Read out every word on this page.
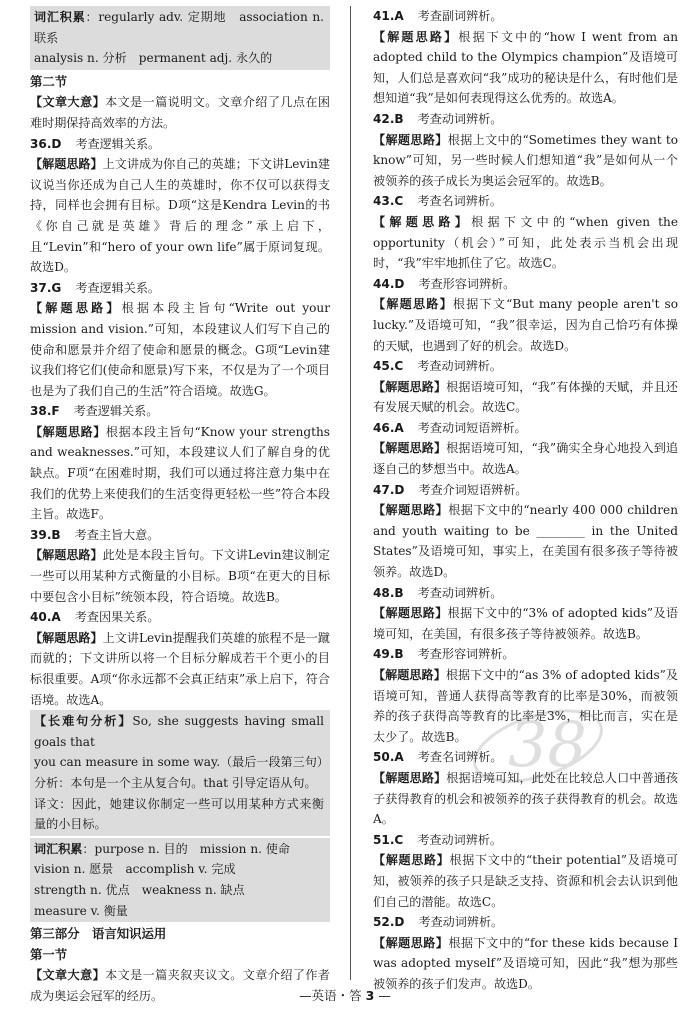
词汇积累：regularly adv. 定期地　association n. 联系

analysis n. 分析　permanent adj. 永久的

第二节

【文章大意】本文是一篇说明文。文章介绍了几点在困难时期保持高效率的方法。

36.D 考查逻辑关系。

【解题思路】上文讲成为你自己的英雄；下文讲Levin建议说当你还成为自己人生的英雄时，你不仅可以获得支持，同样也会拥有目标。D项“这是Kendra Levin的书《你自己就是英雄》背后的理念”承上启下，且“Levin”和“hero of your own life”属于原词复现。故选D。

37.G 考查逻辑关系。

【解题思路】根据本段主旨句“Write out your mission and vision.”可知，本段建议人们写下自己的使命和愿景并介绍了使命和愿景的概念。G项“Levin建议我们将它们(使命和愿景)写下来，不仅是为了一个项目也是为了我们自己的生活”符合语境。故选G。

38.F 考查逻辑关系。

【解题思路】根据本段主旨句“Know your strengths and weaknesses.”可知，本段建议人们了解自身的优缺点。F项“在困难时期，我们可以通过将注意力集中在我们的优势上来使我们的生活变得更轻松一些”符合本段主旨。故选F。

39.B 考查主旨大意。

【解题思路】此处是本段主旨句。下文讲Levin建议制定一些可以用某种方式衡量的小目标。B项“在更大的目标中要包含小目标”统领本段，符合语境。故选B。

40.A 考查因果关系。

【解题思路】上文讲Levin提醒我们英雄的旅程不是一蹴而就的；下文讲所以将一个目标分解成若干个更小的目标很重要。A项“你永远都不会真正结束”承上启下，符合语境。故选A。

【长难句分析】So, she suggests having small goals that

you can measure in some way.（最后一段第三句）

分析：本句是一个主从复合句。that 引导定语从句。

译文：因此，她建议你制定一些可以用某种方式来衡量的小目标。

词汇积累：purpose n. 目的　mission n. 使命

vision n. 愿景　accomplish v. 完成

strength n. 优点　weakness n. 缺点

measure v. 衡量

第三部分　语言知识运用

第一节

【文章大意】本文是一篇夹叙夹议文。文章介绍了作者成为奥运会冠军的经历。

41.A 考查副词辨析。

【解题思路】根据下文中的“how I went from an adopted child to the Olympics champion”及语境可知，人们总是喜欢问“我”成功的秘诀是什么，有时他们是想知道“我”是如何表现得这么优秀的。故选A。

42.B 考查动词辨析。

【解题思路】根据上文中的“Sometimes they want to know”可知，另一些时候人们想知道“我”是如何从一个被领养的孩子成长为奥运会冠军的。故选B。

43.C 考查名词辨析。

【解题思路】根据下文中的“when given the opportunity（机会）”可知，此处表示当机会出现时，“我”牢牢地抓住了它。故选C。

44.D 考查形容词辨析。

【解题思路】根据下文“But many people aren't so lucky.”及语境可知，“我”很幸运，因为自己恰巧有体操的天赋，也遇到了好的机会。故选D。

45.C 考查动词辨析。

【解题思路】根据语境可知，“我”有体操的天赋，并且还有发展天赋的机会。故选C。

46.A 考查动词短语辨析。

【解题思路】根据语境可知，“我”确实全身心地投入到追逐自己的梦想当中。故选A。

47.D 考查介词短语辨析。

【解题思路】根据下文中的“nearly 400 000 children and youth waiting to be ________ in the United States”及语境可知，事实上，在美国有很多孩子等待被领养。故选D。

48.B 考查动词辨析。

【解题思路】根据下文中的“3% of adopted kids”及语境可知，在美国，有很多孩子等待被领养。故选B。

49.B 考查形容词辨析。

【解题思路】根据下文中的“as 3% of adopted kids”及语境可知，普通人获得高等教育的比率是30%，而被领养的孩子获得高等教育的比率是3%，相比而言，实在是太少了。故选B。

50.A 考查名词辨析。

【解题思路】根据语境可知，此处在比较总人口中普通孩子获得教育的机会和被领养的孩子获得教育的机会。故选A。

51.C 考查动词辨析。

【解题思路】根据下文中的“their potential”及语境可知，被领养的孩子只是缺乏支持、资源和机会去认识到他们自己的潜能。故选C。

52.D 考查动词辨析。

【解题思路】根据下文中的“for these kids because I was adopted myself”及语境可知，因此“我”想为那些被领养的孩子们发声。故选D。

38
—英语・答 3 —
